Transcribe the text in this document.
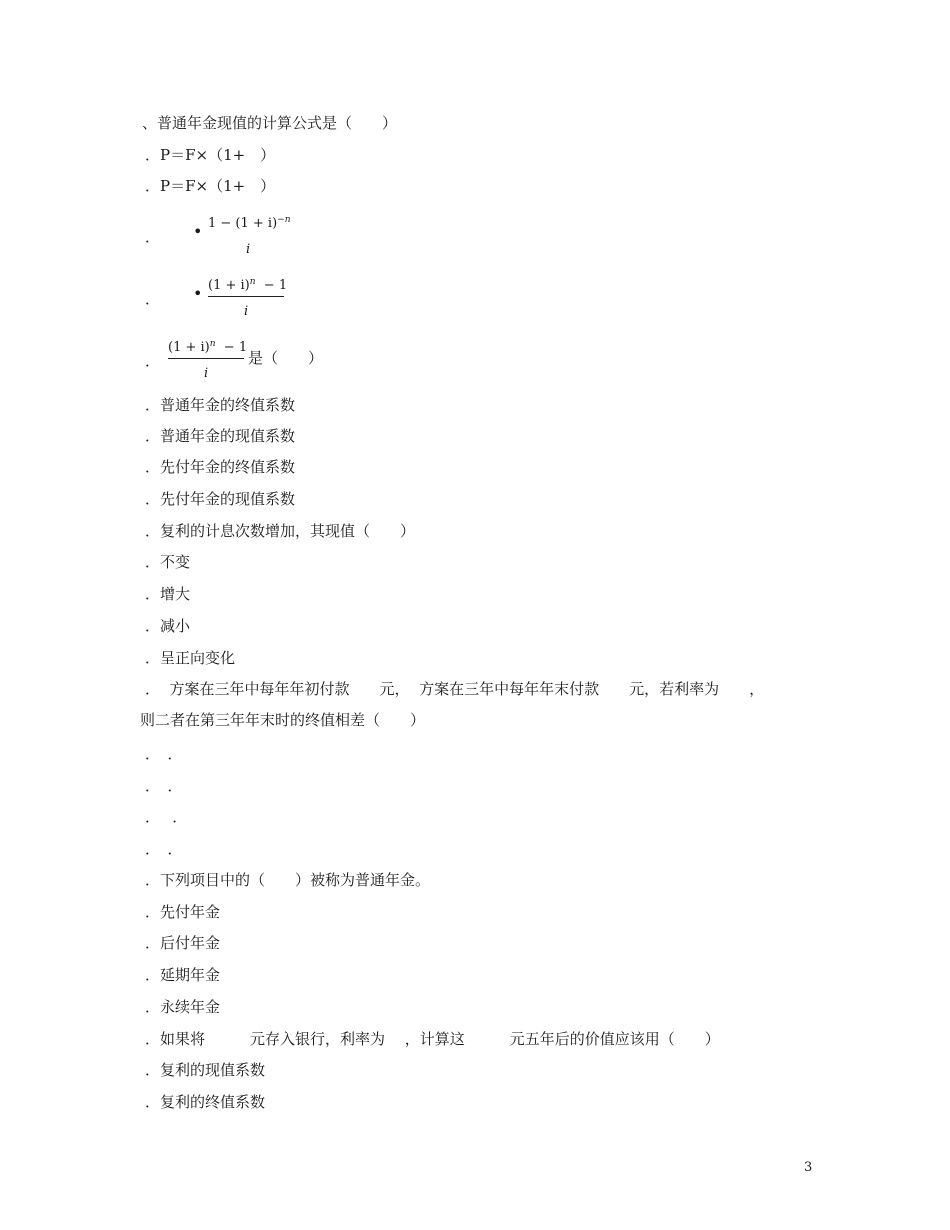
、普通年金现值的计算公式是（　　）
．P＝F×（1+　）
．P＝F×（1+　）
． • $1 - (1 + i)^{-n}$
i
． • $(1 + i)^n - 1$
i
．
$(1 + i)^n - 1$
i
是（　　）
．普通年金的终值系数
．普通年金的现值系数
．先付年金的终值系数
．先付年金的现值系数
．复利的计息次数增加，其现值（　　）
．不变
．增大
．减小
．呈正向变化
．  方案在三年中每年年初付款　　元，  方案在三年中每年年末付款　　元，若利率为　　，
则二者在第三年年末时的终值相差（　　）
．　．
．　．
．　 ．
．　．
．下列项目中的（　　）被称为普通年金。
．先付年金
．后付年金
．延期年金
．永续年金
．如果将　　　元存入银行，利率为　 ，计算这　　　元五年后的价值应该用（　　）
．复利的现值系数
．复利的终值系数
3
